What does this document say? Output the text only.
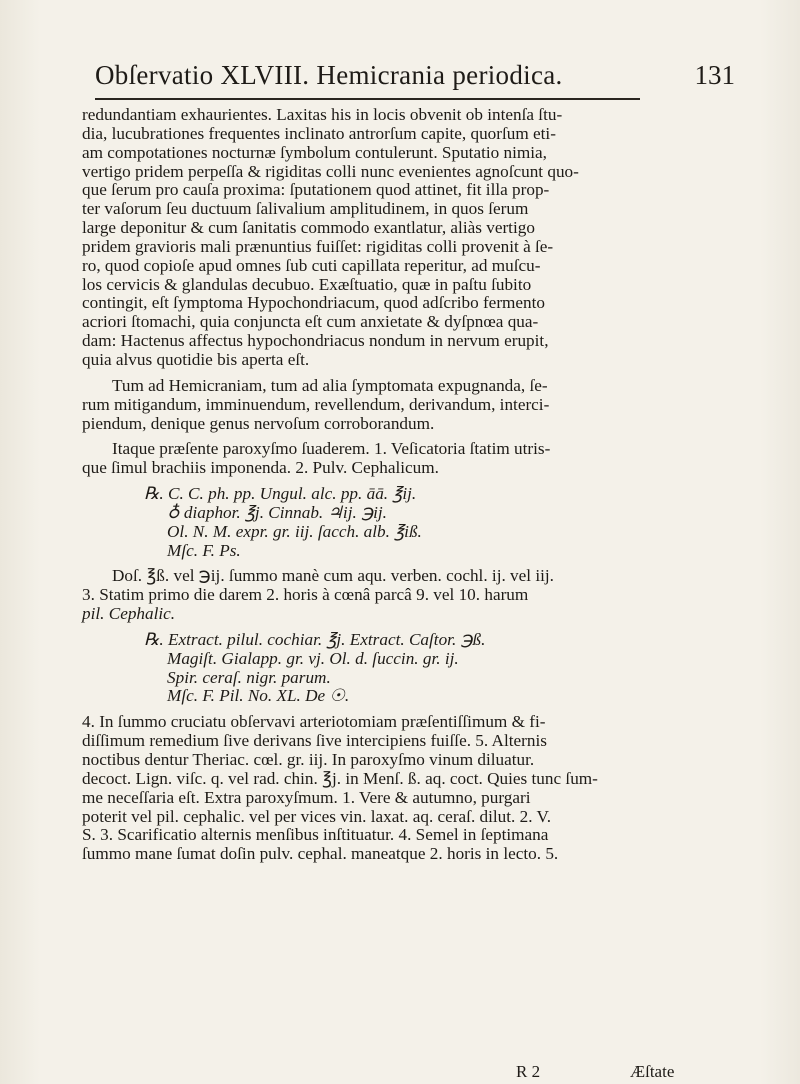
Obſervatio XLVIII. Hemicrania periodica.	131
redundantiam exhaurientes. Laxitas his in locis obvenit ob intenſa ſtu-
dia, lucubrationes frequentes inclinato antrorſum capite, quorſum eti-
am compotationes nocturnæ ſymbolum contulerunt. Sputatio nimia,
vertigo pridem perpeſſa & rigiditas colli nunc evenientes agnoſcunt quo-
que ſerum pro cauſa proxima: ſputationem quod attinet, fit illa prop-
ter vaſorum ſeu ductuum ſalivalium amplitudinem, in quos ſerum
large deponitur & cum ſanitatis commodo exantlatur, aliàs vertigo
pridem gravioris mali prænuntius fuiſſet: rigiditas colli provenit à ſe-
ro, quod copioſe apud omnes ſub cuti capillata reperitur, ad muſcu-
los cervicis & glandulas decubuo. Exæſtuatio, quæ in paſtu ſubito
contingit, eſt ſymptoma Hypochondriacum, quod adſcribo fermento
acriori ſtomachi, quia conjuncta eſt cum anxietate & dyſpnœa qua-
dam: Hactenus affectus hypochondriacus nondum in nervum erupit,
quia alvus quotidie bis aperta eſt.
Tum ad Hemicraniam, tum ad alia ſymptomata expugnanda, ſe-
rum mitigandum, imminuendum, revellendum, derivandum, interci-
piendum, denique genus nervoſum corroborandum.
Itaque præſente paroxyſmo ſuaderem. 1. Veſicatoria ſtatim utris-
que ſimul brachiis imponenda. 2. Pulv. Cephalicum.
℞. C. C. ph. pp. Ungul. alc. pp. āā. ℥ij.
♁ diaphor. ℥j. Cinnab. ♃ij. ℈ij.
Ol. N. M. expr. gr. iij. ſacch. alb. ℥iß.
Mſc. F. Ps.
Doſ. ℥ß. vel ℈ij. ſummo manè cum aqu. verben. cochl. ij. vel iij.
3. Statim primo die darem 2. horis à cœnâ parcâ 9. vel 10. harum
pil. Cephalic.
℞. Extract. pilul. cochiar. ℥j. Extract. Caſtor. ℈ß.
Magiſt. Gialapp. gr. vj. Ol. d. ſuccin. gr. ij.
Spir. ceraſ. nigr. parum.
Mſc. F. Pil. No. XL. De ☉.
4. In ſummo cruciatu obſervavi arteriotomiam præſentiſſimum & fi-
diſſimum remedium ſive derivans ſive intercipiens fuiſſe. 5. Alternis
noctibus dentur Theriac. cœl. gr. iij. In paroxyſmo vinum diluatur.
decoct. Lign. viſc. q. vel rad. chin. ℥j. in Menſ. ß. aq. coct. Quies tunc ſum-
me neceſſaria eſt. Extra paroxyſmum. 1. Vere & autumno, purgari
poterit vel pil. cephalic. vel per vices vin. laxat. aq. ceraſ. dilut. 2. V.
S. 3. Scarificatio alternis menſibus inſtituatur. 4. Semel in ſeptimana
ſummo mane ſumat doſin pulv. cephal. maneatque 2. horis in lecto. 5.
R 2	Æſtate
